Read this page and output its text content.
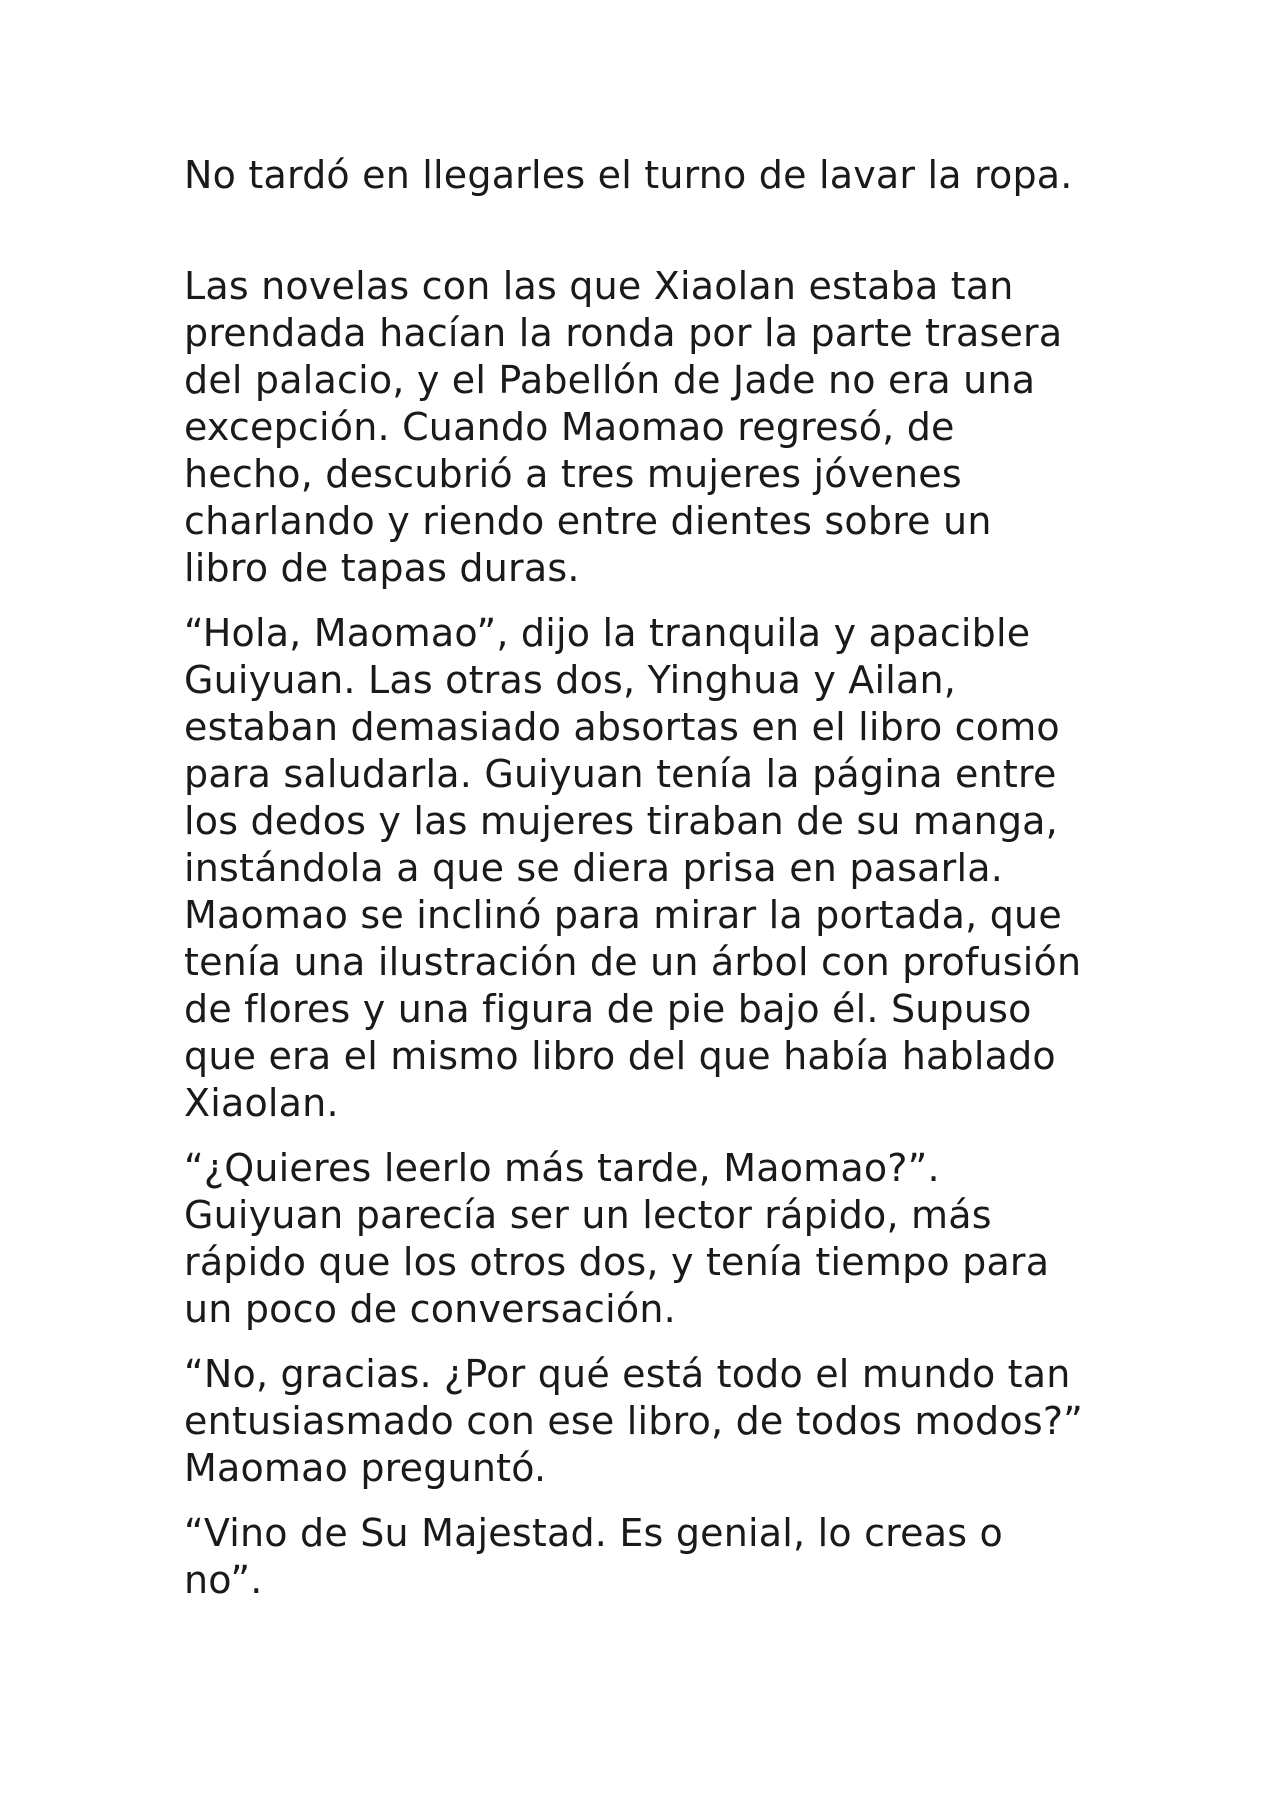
No tardó en llegarles el turno de lavar la ropa.

Las novelas con las que Xiaolan estaba tan
prendada hacían la ronda por la parte trasera
del palacio, y el Pabellón de Jade no era una
excepción. Cuando Maomao regresó, de
hecho, descubrió a tres mujeres jóvenes
charlando y riendo entre dientes sobre un
libro de tapas duras.

“Hola, Maomao”, dijo la tranquila y apacible
Guiyuan. Las otras dos, Yinghua y Ailan,
estaban demasiado absortas en el libro como
para saludarla. Guiyuan tenía la página entre
los dedos y las mujeres tiraban de su manga,
instándola a que se diera prisa en pasarla.
Maomao se inclinó para mirar la portada, que
tenía una ilustración de un árbol con profusión
de flores y una figura de pie bajo él. Supuso
que era el mismo libro del que había hablado
Xiaolan.

“¿Quieres leerlo más tarde, Maomao?”.
Guiyuan parecía ser un lector rápido, más
rápido que los otros dos, y tenía tiempo para
un poco de conversación.

“No, gracias. ¿Por qué está todo el mundo tan
entusiasmado con ese libro, de todos modos?”
Maomao preguntó.

“Vino de Su Majestad. Es genial, lo creas o
no”.
